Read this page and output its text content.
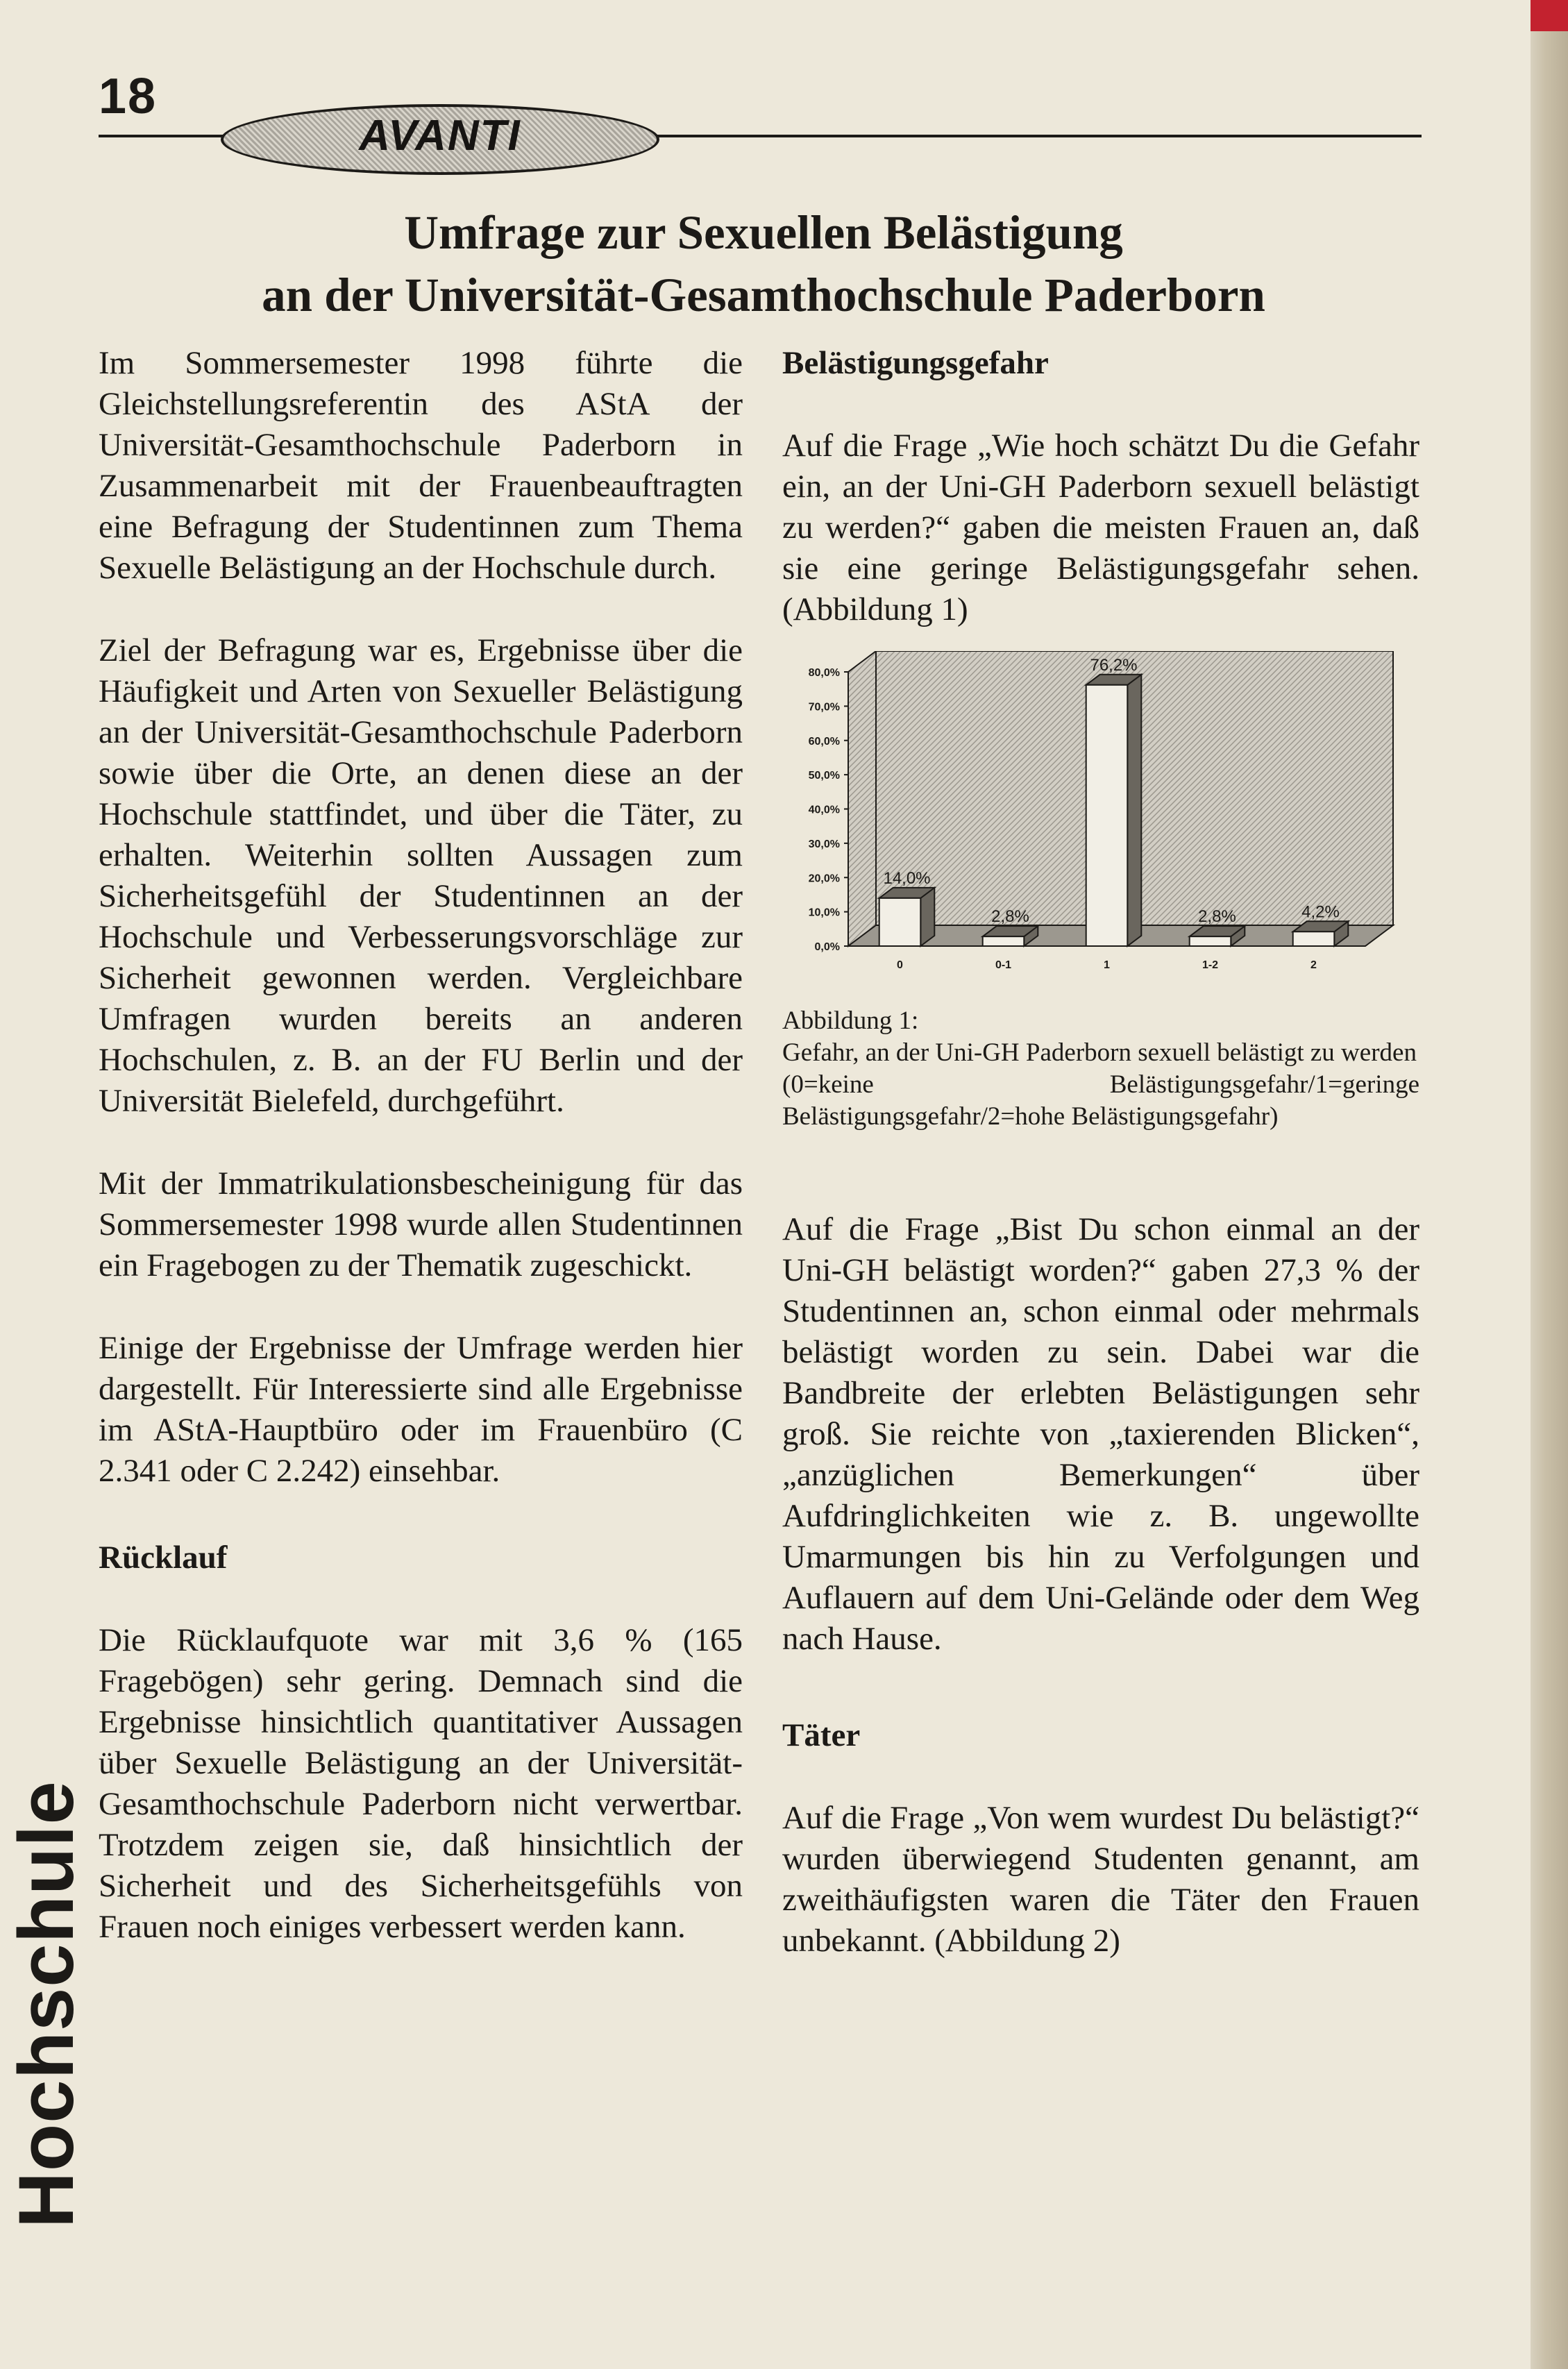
18
AVANTI
Umfrage zur Sexuellen Belästigung
an der Universität-Gesamthochschule Paderborn

Im Sommersemester 1998 führte die Gleichstellungsreferentin des AStA der Universität-Gesamthochschule Paderborn in Zusammenarbeit mit der Frauenbeauftragten eine Befragung der Studentinnen zum Thema Sexuelle Belästigung an der Hochschule durch.

Ziel der Befragung war es, Ergebnisse über die Häufigkeit und Arten von Sexueller Belästigung an der Universität-Gesamthochschule Paderborn sowie über die Orte, an denen diese an der Hochschule stattfindet, und über die Täter, zu erhalten. Weiterhin sollten Aussagen zum Sicherheitsgefühl der Studentinnen an der Hochschule und Verbesserungsvorschläge zur Sicherheit gewonnen werden. Vergleichbare Umfragen wurden bereits an anderen Hochschulen, z. B. an der FU Berlin und der Universität Bielefeld, durchgeführt.

Mit der Immatrikulationsbescheinigung für das Sommersemester 1998 wurde allen Studentinnen ein Fragebogen zu der Thematik zugeschickt.

Einige der Ergebnisse der Umfrage werden hier dargestellt. Für Interessierte sind alle Ergebnisse im AStA-Hauptbüro oder im Frauenbüro (C 2.341 oder C 2.242) einsehbar.

Rücklauf

Die Rücklaufquote war mit 3,6 % (165 Fragebögen) sehr gering. Demnach sind die Ergebnisse hinsichtlich quantitativer Aussagen über Sexuelle Belästigung an der Universität-Gesamthochschule Paderborn nicht verwertbar. Trotzdem zeigen sie, daß hinsichtlich der Sicherheit und des Sicherheitsgefühls von Frauen noch einiges verbessert werden kann.

Belästigungsgefahr

Auf die Frage „Wie hoch schätzt Du die Gefahr ein, an der Uni-GH Paderborn sexuell belästigt zu werden?“ gaben die meisten Frauen an, daß sie eine geringe Belästigungsgefahr sehen. (Abbildung 1)

0,0%
10,0%
20,0%
30,0%
40,0%
50,0%
60,0%
70,0%
80,0%
14,0%
0
2,8%
0-1
76,2%
1
2,8%
1-2
4,2%
2
Abbildung 1:
Gefahr, an der Uni-GH Paderborn sexuell belästigt zu werden
(0=keine Belästigungsgefahr/1=geringe Belästigungsgefahr/2=hohe Belästigungsgefahr)

Auf die Frage „Bist Du schon einmal an der Uni-GH belästigt worden?“ gaben 27,3 % der Studentinnen an, schon einmal oder mehrmals belästigt worden zu sein. Dabei war die Bandbreite der erlebten Belästigungen sehr groß. Sie reichte von „taxierenden Blicken“, „anzüglichen Bemerkungen“ über Aufdringlichkeiten wie z. B. ungewollte Umarmungen bis hin zu Verfolgungen und Auflauern auf dem Uni-Gelände oder dem Weg nach Hause.

Täter

Auf die Frage „Von wem wurdest Du belästigt?“ wurden überwiegend Studenten genannt, am zweithäufigsten waren die Täter den Frauen unbekannt. (Abbildung 2)

Hochschule
